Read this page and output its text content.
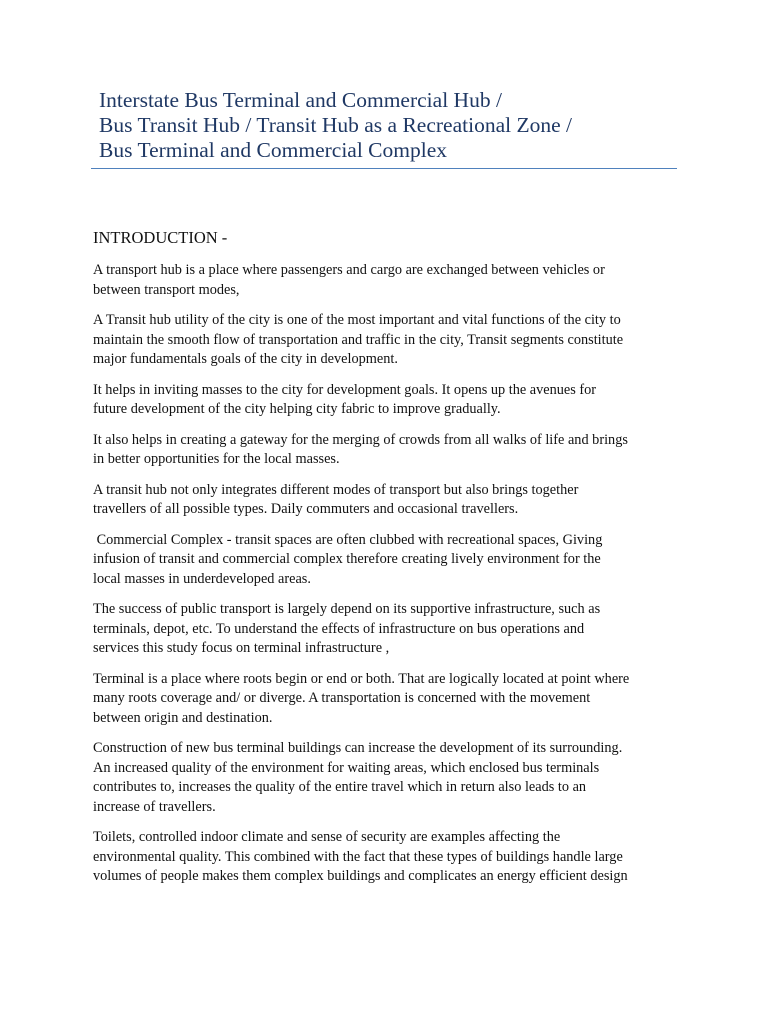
Interstate Bus Terminal and Commercial Hub /
Bus Transit Hub / Transit Hub as a Recreational Zone /
Bus Terminal and Commercial Complex
INTRODUCTION -

A transport hub is a place where passengers and cargo are exchanged between vehicles or
between transport modes,

A Transit hub utility of the city is one of the most important and vital functions of the city to
maintain the smooth flow of transportation and traffic in the city, Transit segments constitute
major fundamentals goals of the city in development.

It helps in inviting masses to the city for development goals. It opens up the avenues for
future development of the city helping city fabric to improve gradually.

It also helps in creating a gateway for the merging of crowds from all walks of life and brings
in better opportunities for the local masses.

A transit hub not only integrates different modes of transport but also brings together
travellers of all possible types. Daily commuters and occasional travellers.

Commercial Complex - transit spaces are often clubbed with recreational spaces, Giving
infusion of transit and commercial complex therefore creating lively environment for the
local masses in underdeveloped areas.

The success of public transport is largely depend on its supportive infrastructure, such as
terminals, depot, etc. To understand the effects of infrastructure on bus operations and
services this study focus on terminal infrastructure ,

Terminal is a place where roots begin or end or both. That are logically located at point where
many roots coverage and/ or diverge. A transportation is concerned with the movement
between origin and destination.

Construction of new bus terminal buildings can increase the development of its surrounding.
An increased quality of the environment for waiting areas, which enclosed bus terminals
contributes to, increases the quality of the entire travel which in return also leads to an
increase of travellers.

Toilets, controlled indoor climate and sense of security are examples affecting the
environmental quality. This combined with the fact that these types of buildings handle large
volumes of people makes them complex buildings and complicates an energy efficient design
